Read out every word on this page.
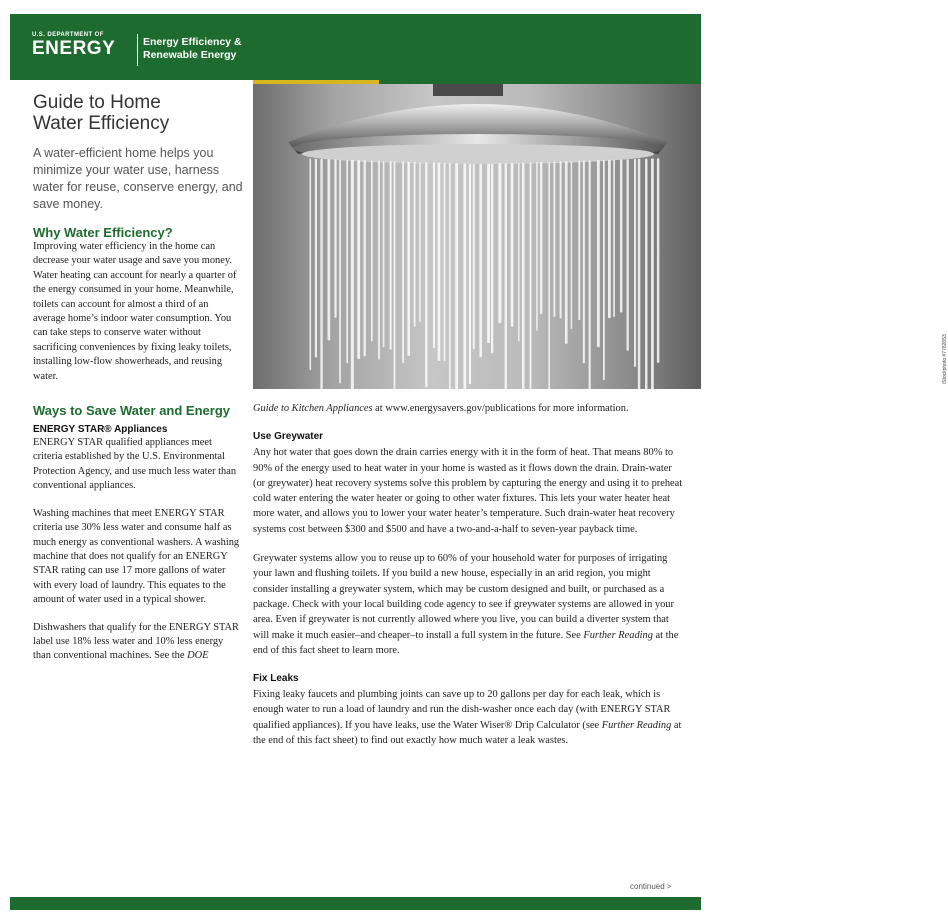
U.S. DEPARTMENT OF
ENERGY	Energy Efficiency &
Renewable Energy
iStockphoto #7782653
Guide to Home
Water Efficiency

A water-efficient home helps you minimize your water use, harness water for reuse, conserve energy, and save money.

Why Water Efficiency?

Improving water efficiency in the home can decrease your water usage and save you money. Water heating can account for nearly a quarter of the energy consumed in your home. Meanwhile, toilets can account for almost a third of an average home’s indoor water consumption. You can take steps to conserve water without sacrificing conveniences by fixing leaky toilets, installing low-flow showerheads, and reusing water.

Ways to Save Water and Energy
ENERGY STAR® Appliances

ENERGY STAR qualified appliances meet criteria established by the U.S. Environmental Protection Agency, and use much less water than conventional appliances.

Washing machines that meet ENERGY STAR criteria use 30% less water and consume half as much energy as conventional washers. A washing machine that does not qualify for an ENERGY STAR rating can use 17 more gallons of water with every load of laundry. This equates to the amount of water used in a typical shower.

Dishwashers that qualify for the ENERGY STAR label use 18% less water and 10% less energy than conventional machines. See the DOE

Guide to Kitchen Appliances at www.energysavers.gov/publications for more information.

Use Greywater

Any hot water that goes down the drain carries energy with it in the form of heat. That means 80% to 90% of the energy used to heat water in your home is wasted as it flows down the drain. Drain-water (or greywater) heat recovery systems solve this problem by capturing the energy and using it to preheat cold water entering the water heater or going to other water fixtures. This lets your water heater heat more water, and allows you to lower your water heater’s temperature. Such drain-water heat recovery systems cost between $300 and $500 and have a two-and-a-half to seven-year payback time.

Greywater systems allow you to reuse up to 60% of your household water for purposes of irrigating your lawn and flushing toilets. If you build a new house, especially in an arid region, you might consider installing a greywater system, which may be custom designed and built, or purchased as a package. Check with your local building code agency to see if greywater systems are allowed in your area. Even if greywater is not currently allowed where you live, you can build a diverter system that will make it much easier–and cheaper–to install a full system in the future. See Further Reading at the end of this fact sheet to learn more.

Fix Leaks

Fixing leaky faucets and plumbing joints can save up to 20 gallons per day for each leak, which is enough water to run a load of laundry and run the dish-washer once each day (with ENERGY STAR qualified appliances). If you have leaks, use the Water Wiser® Drip Calculator (see Further Reading at the end of this fact sheet) to find out exactly how much water a leak wastes.

continued >
